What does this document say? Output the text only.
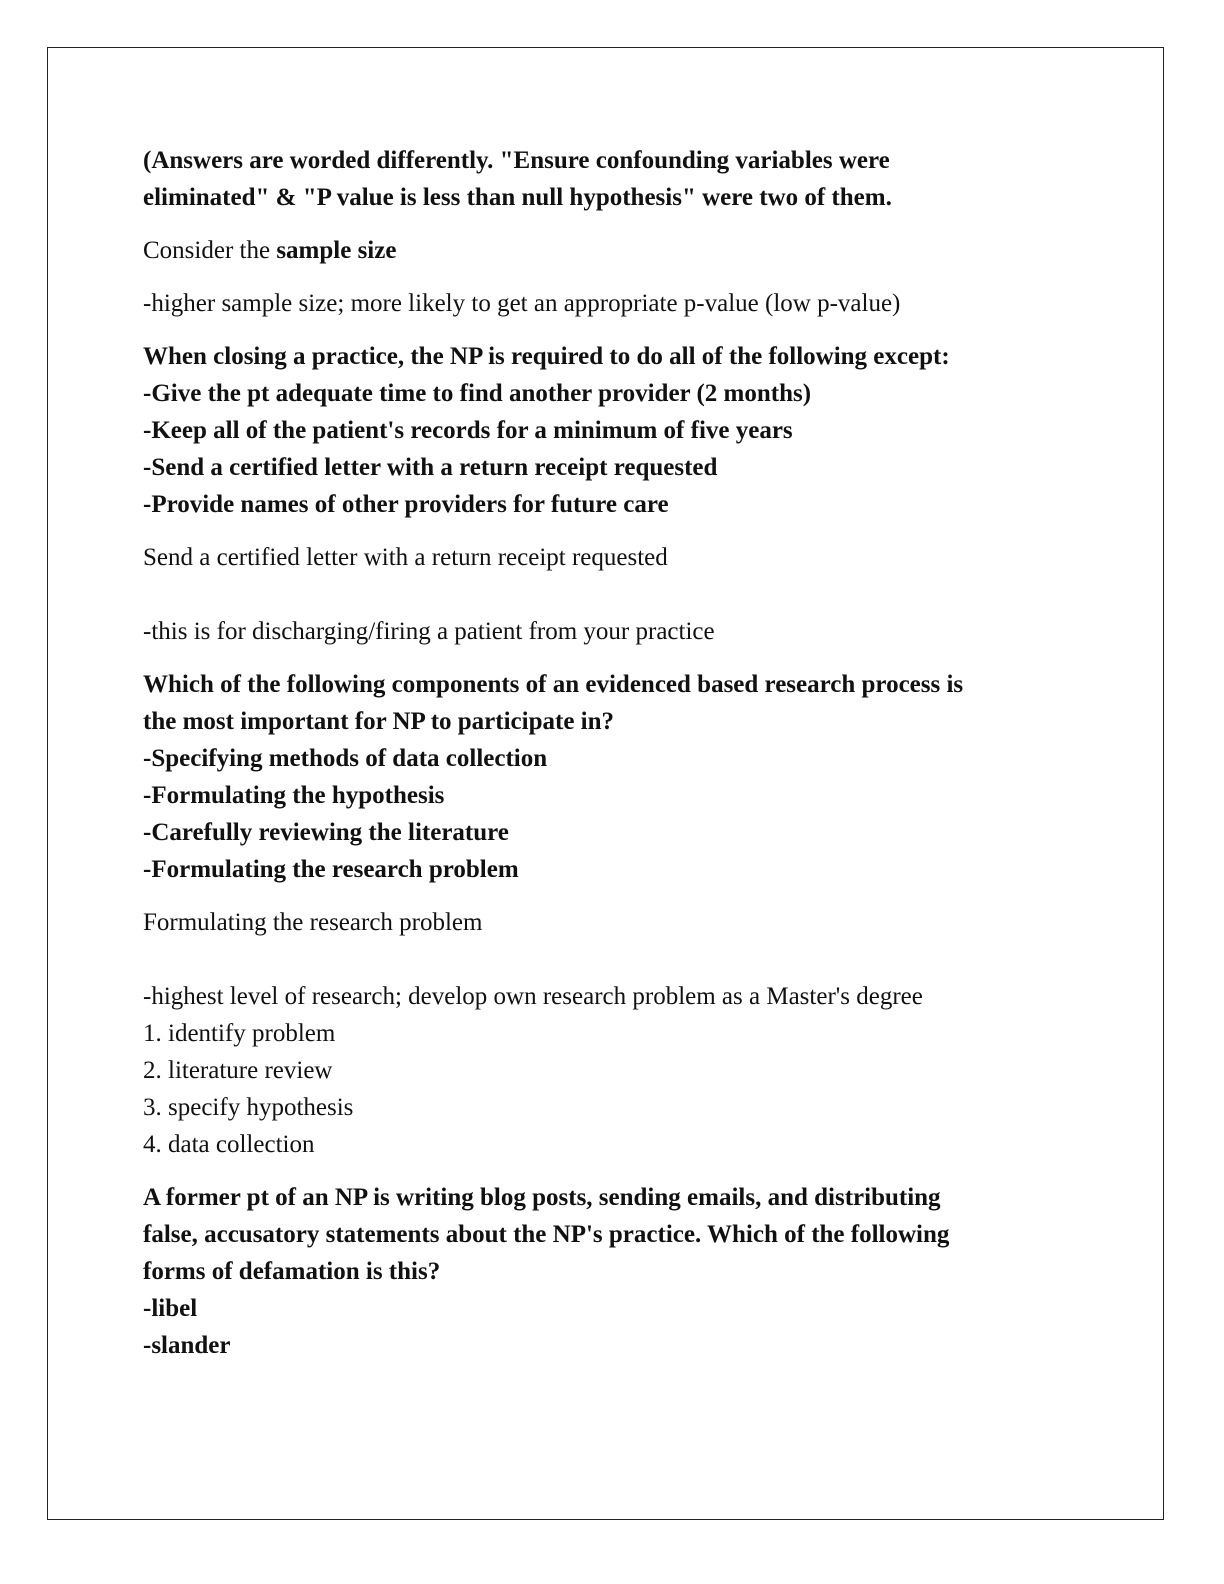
(Answers are worded differently. "Ensure confounding variables were
eliminated" & "P value is less than null hypothesis" were two of them.
Consider the sample size
-higher sample size; more likely to get an appropriate p-value (low p-value)
When closing a practice, the NP is required to do all of the following except:
-Give the pt adequate time to find another provider (2 months)
-Keep all of the patient's records for a minimum of five years
-Send a certified letter with a return receipt requested
-Provide names of other providers for future care
Send a certified letter with a return receipt requested
-this is for discharging/firing a patient from your practice
Which of the following components of an evidenced based research process is
the most important for NP to participate in?
-Specifying methods of data collection
-Formulating the hypothesis
-Carefully reviewing the literature
-Formulating the research problem
Formulating the research problem
-highest level of research; develop own research problem as a Master's degree
1. identify problem
2. literature review
3. specify hypothesis
4. data collection
A former pt of an NP is writing blog posts, sending emails, and distributing
false, accusatory statements about the NP's practice. Which of the following
forms of defamation is this?
-libel
-slander
